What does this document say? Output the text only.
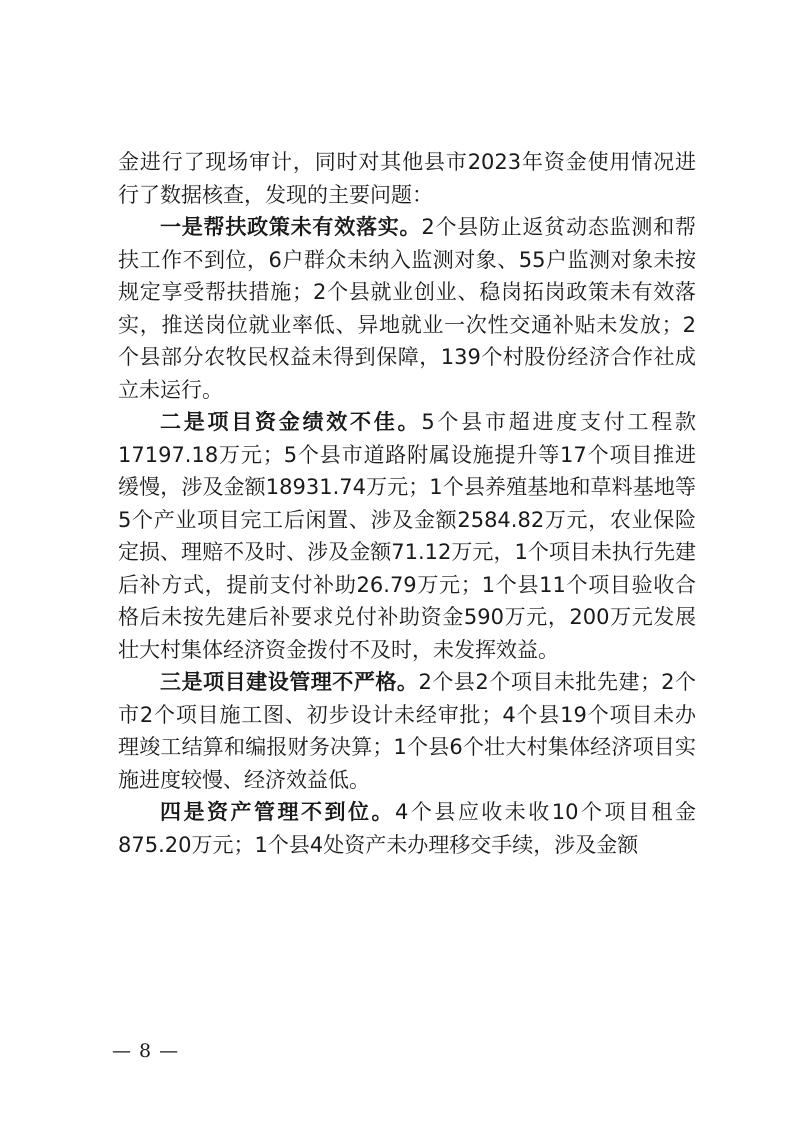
金进行了现场审计，同时对其他县市2023年资金使用情况进行了数据核查，发现的主要问题：

一是帮扶政策未有效落实。2个县防止返贫动态监测和帮扶工作不到位，6户群众未纳入监测对象、55户监测对象未按规定享受帮扶措施；2个县就业创业、稳岗拓岗政策未有效落实，推送岗位就业率低、异地就业一次性交通补贴未发放；2个县部分农牧民权益未得到保障，139个村股份经济合作社成立未运行。

二是项目资金绩效不佳。5个县市超进度支付工程款17197.18万元；5个县市道路附属设施提升等17个项目推进缓慢，涉及金额18931.74万元；1个县养殖基地和草料基地等5个产业项目完工后闲置、涉及金额2584.82万元，农业保险定损、理赔不及时、涉及金额71.12万元，1个项目未执行先建后补方式，提前支付补助26.79万元；1个县11个项目验收合格后未按先建后补要求兑付补助资金590万元，200万元发展壮大村集体经济资金拨付不及时，未发挥效益。

三是项目建设管理不严格。2个县2个项目未批先建；2个市2个项目施工图、初步设计未经审批；4个县19个项目未办理竣工结算和编报财务决算；1个县6个壮大村集体经济项目实施进度较慢、经济效益低。

四是资产管理不到位。4个县应收未收10个项目租金875.20万元；1个县4处资产未办理移交手续，涉及金额

— 8 —
